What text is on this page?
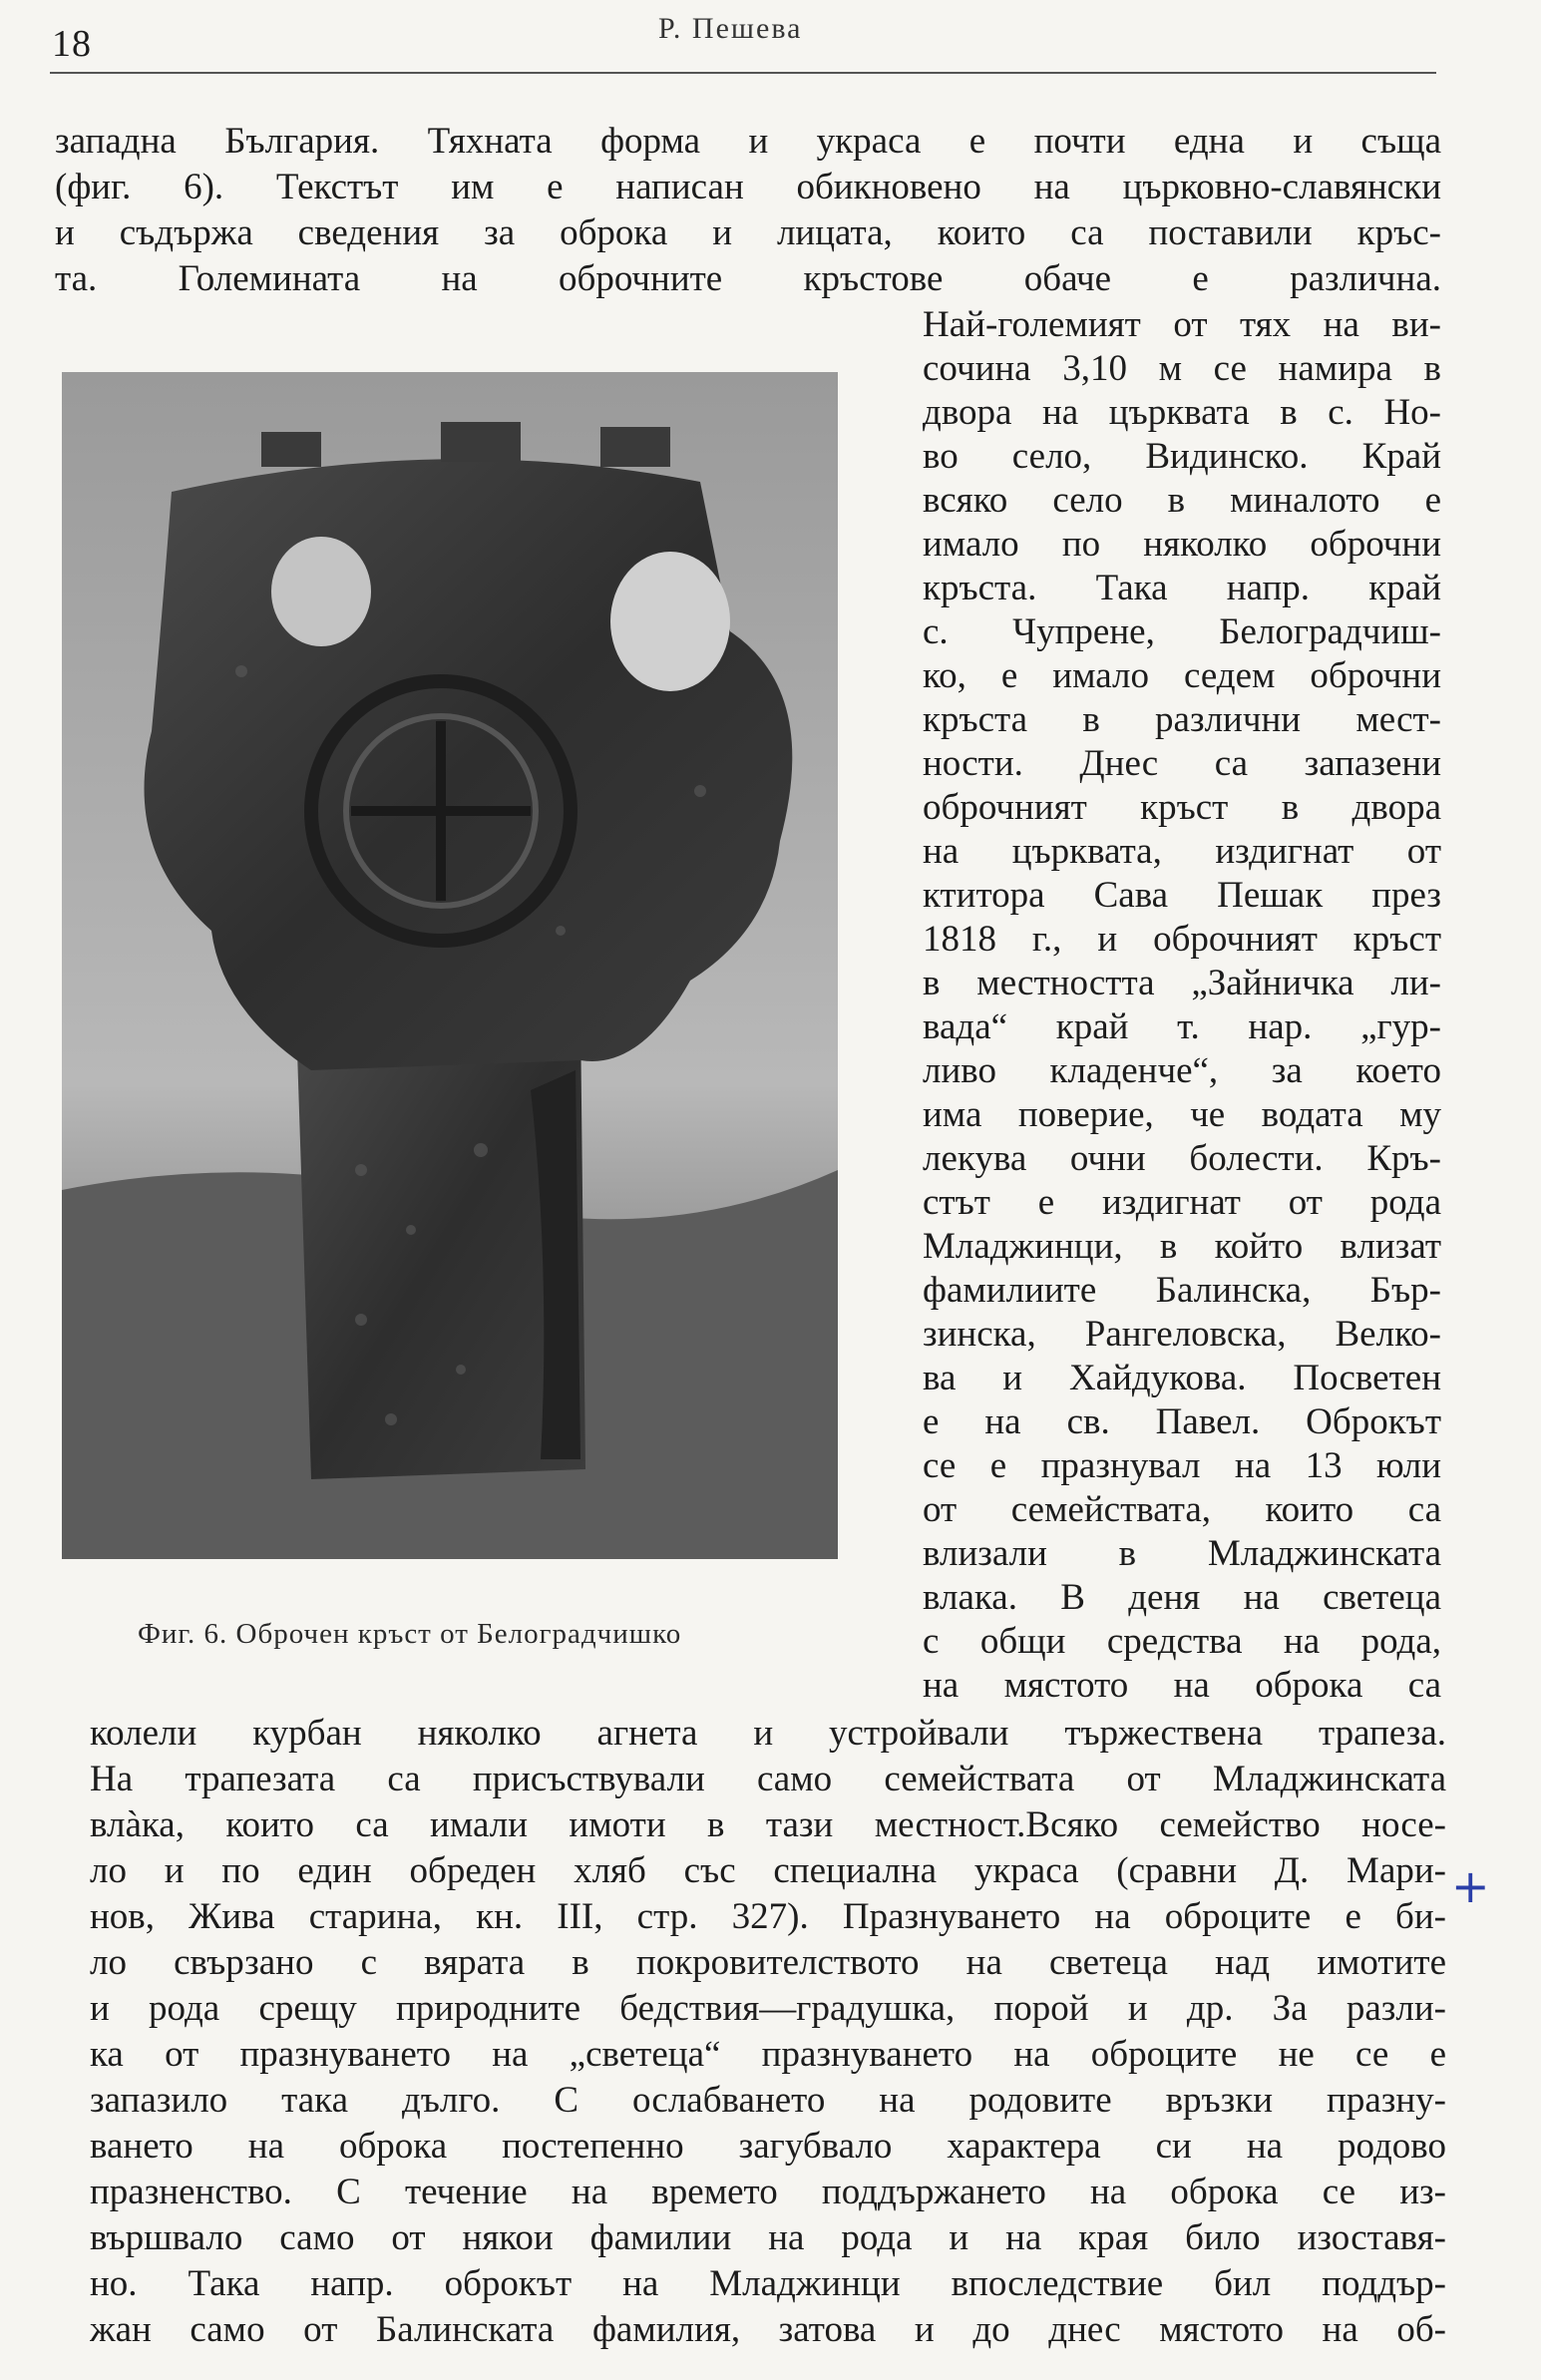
18	Р. Пешева
западна България. Тяхната форма и украса е почти една и съща
(фиг. 6). Текстът им е написан обикновено на църковно-славянски
и съдържа сведения за оброка и лицата, които са поставили кръс-
та. Големината на оброчните кръстове обаче е различна.
Най-големият от тях на ви-
сочина 3,10 м се намира в
двора на църквата в с. Но-
во село, Видинско. Край
всяко село в миналото е
имало по няколко оброчни
кръста. Така напр. край
с. Чупрене, Белоградчиш-
ко, е имало седем оброчни
кръста в различни мест-
ности. Днес са запазени
оброчният кръст в двора
на църквата, издигнат от
ктитора Сава Пешак през
1818 г., и оброчният кръст
в местността „Зайничка ли-
вада“ край т. нар. „гур-
ливо кладенче“, за което
има поверие, че водата му
лекува очни болести. Кръ-
стът е издигнат от рода
Младжинци, в който влизат
фамилиите Балинска, Бър-
зинска, Рангеловска, Велко-
ва и Хайдукова. Посветен
е на св. Павел. Оброкът
се е празнувал на 13 юли
от семействата, които са
влизали в Младжинската
влака. В деня на светеца
с общи средства на рода,
на мястото на оброка са
Фиг. 6. Оброчен кръст от Белоградчишко
колели курбан няколко агнета и устройвали тържествена трапеза.
На трапезата са присъствували само семействата от Младжинската
влàка, които са имали имоти в тази местност.Всяко семейство носе-
ло и по един обреден хляб със специална украса (сравни Д. Мари-
нов, Жива старина, кн. III, стр. 327). Празнуването на оброците е би-
ло свързано с вярата в покровителството на светеца над имотите
и рода срещу природните бедствия—градушка, порой и др. За разли-
ка от празнуването на „светеца“ празнуването на оброците не се е
запазило така дълго. С ослабването на родовите връзки празну-
ването на оброка постепенно загубвало характера си на родово
празненство. С течение на времето поддържането на оброка се из-
вършвало само от някои фамилии на рода и на края било изоставя-
но. Така напр. оброкът на Младжинци впоследствие бил поддър-
жан само от Балинската фамилия, затова и до днес мястото на об-
+
